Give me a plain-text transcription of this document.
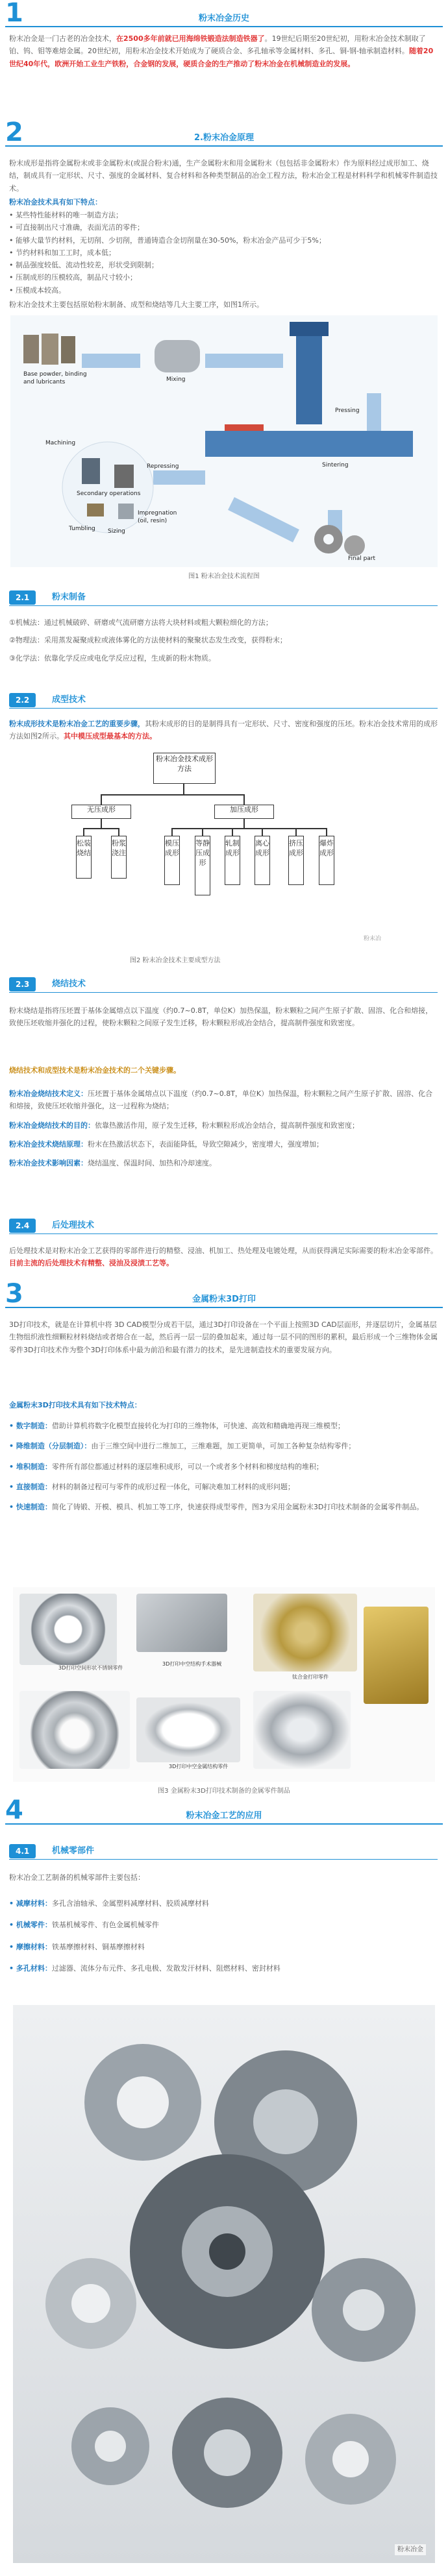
1	粉末冶金历史
粉末冶金是一门古老的冶金技术，在2500多年前就已用海绵铁锻造法制造铁器了。19世纪后期至20世纪初，用粉末冶金技术制取了铂、钨、钼等难熔金属。20世纪初，用粉末冶金技术开始成为了硬质合金、多孔轴承等金属材料、多孔、铜-钢-轴承制造材料。随着20世纪40年代，欧洲开始工业生产铁粉，合金钢的发展，硬质合金的生产推动了粉末冶金在机械制造业的发展。
2	2.粉末冶金原理
粉末成形是指将金属粉末或非金属粉末(或混合粉末)通，生产金属粉末和用金属粉末（包包括非金属粉末）作为原料经过成形加工、烧结，制成具有一定形状、尺寸、强度的金属材料、复合材料和各种类型制品的冶金工程方法，粉末冶金工程是材料科学和机械零件制造技术。
粉末冶金技术具有如下特点：
• 某些特性能材料的唯一制造方法；
• 可直接制出尺寸准确，表面光洁的零件；
• 能够大量节约材料，无切削、少切削，普通铸造合金切削量在30-50%，粉末冶金产品可少于5%；
• 节约材料和加工工时，成本低；
• 制品强度较低、流动性较差，形状受到限制；
• 压制成形的压模较高，制品尺寸较小；
• 压模成本较高。
粉末冶金技术主要包括原始粉末制备、成型和烧结等几大主要工序，如图1所示。
Base powder, binding and lubricants	Mixing
Pressing
Sintering
Machining
Secondary operations
Final part
Tumbling Sizing
Repressing
Impregnation (oil, resin)
图1 粉末冶金技术流程图
2.1	粉末制备
①机械法：通过机械破碎、研磨或气流研磨方法将大块材料或粗大颗粒细化的方法；
②物理法：采用蒸发凝聚成粒或液体雾化的方法使材料的聚聚状态发生改变，获得粉末；
③化学法：依靠化学反应或电化学反应过程，生成新的粉末物质。
2.2	成型技术
粉末成形技术是粉末冶金工艺的重要步骤，其粉末成形的目的是制得具有一定形状、尺寸、密度和强度的压坯。粉末冶金技术常用的成形方法如图2所示。其中模压成型最基本的方法。
粉末冶金技术成形方法
无压成形	加压成形
松装烧结
粉浆浇注
模压成形
等静压成形
轧制成形
离心成形
挤压成形
爆炸成形
粉末冶
图2 粉末冶金技术主要成型方法
2.3	烧结技术
粉末烧结是指将压坯置于基体金属熔点以下温度（约0.7~0.8T，单位K）加热保温，粉末颗粒之间产生原子扩散、固溶、化合和熔接，致使压坯收缩并强化的过程，使粉末颗粒之间原子发生迁移，粉末颗粒形成冶金结合，提高制件强度和致密度。
烧结技术和成型技术是粉末冶金技术的二个关键步骤。
粉末冶金烧结技术定义：压坯置于基体金属熔点以下温度（约0.7~0.8T，单位K）加热保温，粉末颗粒之间产生原子扩散、固溶、化合和熔接，致使压坯收缩并强化，这一过程称为烧结；
粉末冶金烧结技术的目的：依靠热激活作用，原子发生迁移，粉末颗粒形成冶金结合，提高制件强度和致密度；
粉末冶金技术烧结原理：粉末在热激活状态下，表面能降低，导致空隙减少，密度增大，强度增加；
粉末冶金技术影响因素：烧结温度、保温时间、加热和冷却速度。
2.4	后处理技术
后处理技术是对粉末冶金工艺获得的零部件进行的精整、浸油、机加工、热处理及电镀处理，从而获得满足实际需要的粉末冶金零部件。目前主流的后处理技术有精整、浸油及浸渍工艺等。
3	金属粉末3D打印
3D打印技术，就是在计算机中将 3D CAD模型分成若干层，通过3D打印设备在一个平面上按照3D CAD层面形，并逐层切片，金属基层生物组织液性细颗粒材料烧结或者熔合在一起，然后再一层一层的叠加起来，通过每一层不同的图形的累积，最后形成一个三维物体金属零件3D打印技术作为整个3D打印体系中最为前沿和最有潜力的技术，是先进制造技术的重要发展方向。
金属粉末3D打印技术具有如下技术特点：
• 数字制造：借助计算机将数字化模型直接转化为打印的三维物体，可快速、高效和精确地再现三维模型；
• 降维制造（分层制造）：由于三维空间中进行二维加工，三维难题，加工更简单，可加工各种复杂结构零件；
• 堆积制造：零件所有部位都通过材料的逐层堆积成形，可以一个或者多个材料和梯度结构的堆积；
• 直接制造：材料的制备过程可与零件的成形过程一体化，可解决难加工材料的成形问题；
• 快速制造：简化了铸锻、开模、模具、机加工等工序，快速获得成型零件，图3为采用金属粉末3D打印技术制备的金属零件制品。
3D打印空间形状不锈钢零件
3D打印中空结构手术器械
钛合金打印零件
3D打印中空金属结构零件
图3 金属粉末3D打印技术制备的金属零件制品
4	粉末冶金工艺的应用
4.1	机械零部件
粉末冶金工艺制备的机械零部件主要包括：
• 减摩材料：多孔含油轴承、金属塑料减摩材料、胶质减摩材料
• 机械零件：铁基机械零件、有色金属机械零件
• 摩擦材料：铁基摩擦材料、铜基摩擦材料
• 多孔材料：过滤器、流体分布元件、多孔电极、发散发汗材料、阻燃材料、密封材料
粉末冶金
